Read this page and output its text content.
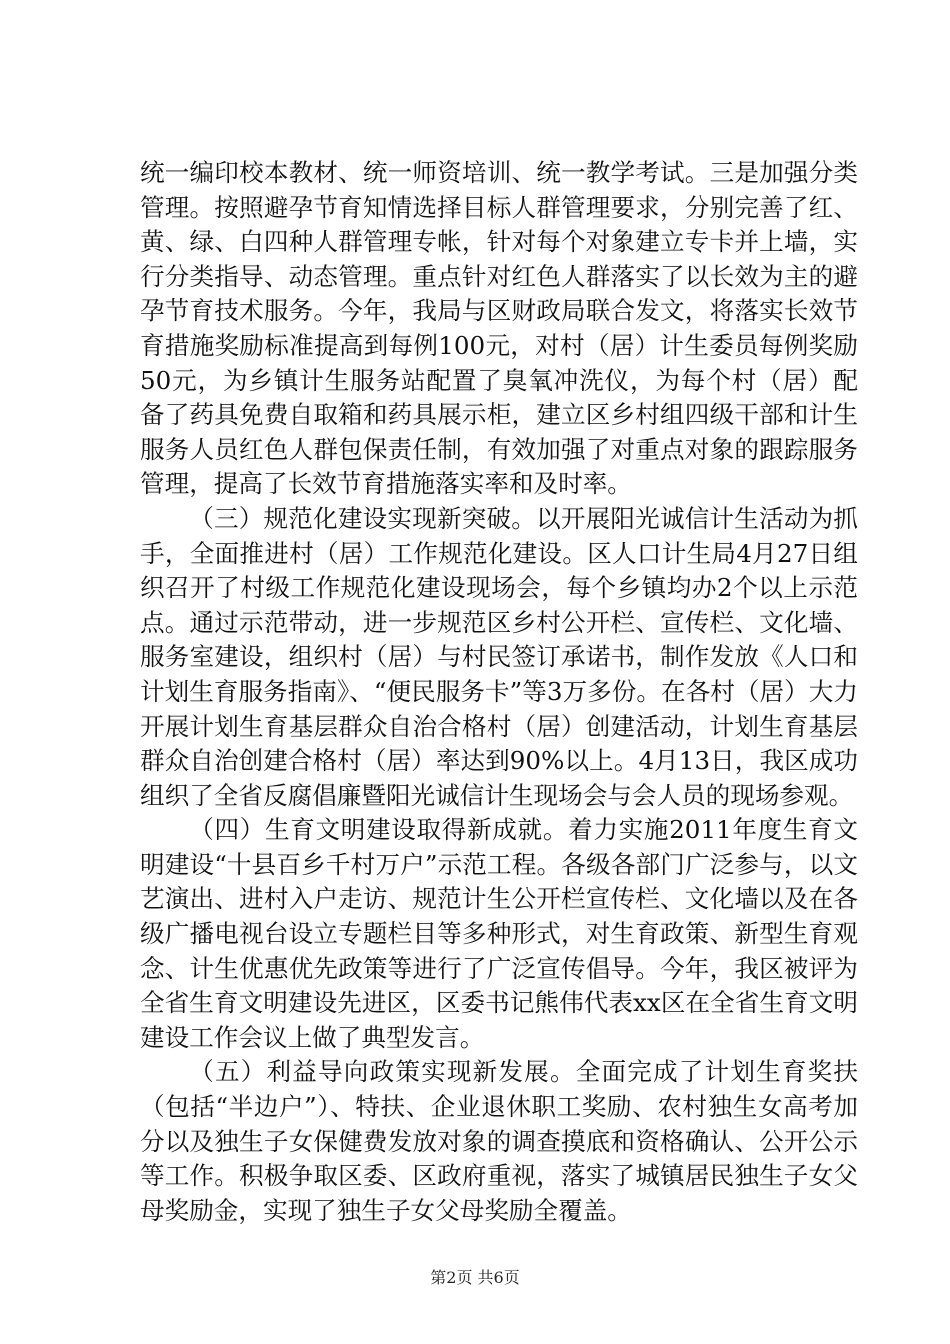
统一编印校本教材、统一师资培训、统一教学考试。三是加强分类管理。按照避孕节育知情选择目标人群管理要求，分别完善了红、黄、绿、白四种人群管理专帐，针对每个对象建立专卡并上墙，实行分类指导、动态管理。重点针对红色人群落实了以长效为主的避孕节育技术服务。今年，我局与区财政局联合发文，将落实长效节育措施奖励标准提高到每例100元，对村（居）计生委员每例奖励50元，为乡镇计生服务站配置了臭氧冲洗仪，为每个村（居）配备了药具免费自取箱和药具展示柜，建立区乡村组四级干部和计生服务人员红色人群包保责任制，有效加强了对重点对象的跟踪服务管理，提高了长效节育措施落实率和及时率。

（三）规范化建设实现新突破。以开展阳光诚信计生活动为抓手，全面推进村（居）工作规范化建设。区人口计生局4月27日组织召开了村级工作规范化建设现场会，每个乡镇均办2个以上示范点。通过示范带动，进一步规范区乡村公开栏、宣传栏、文化墙、服务室建设，组织村（居）与村民签订承诺书，制作发放《人口和计划生育服务指南》、“便民服务卡”等3万多份。在各村（居）大力开展计划生育基层群众自治合格村（居）创建活动，计划生育基层群众自治创建合格村（居）率达到90%以上。4月13日，我区成功组织了全省反腐倡廉暨阳光诚信计生现场会与会人员的现场参观。

（四）生育文明建设取得新成就。着力实施2011年度生育文明建设“十县百乡千村万户”示范工程。各级各部门广泛参与，以文艺演出、进村入户走访、规范计生公开栏宣传栏、文化墙以及在各级广播电视台设立专题栏目等多种形式，对生育政策、新型生育观念、计生优惠优先政策等进行了广泛宣传倡导。今年，我区被评为全省生育文明建设先进区，区委书记熊伟代表xx区在全省生育文明建设工作会议上做了典型发言。

（五）利益导向政策实现新发展。全面完成了计划生育奖扶（包括“半边户”）、特扶、企业退休职工奖励、农村独生女高考加分以及独生子女保健费发放对象的调查摸底和资格确认、公开公示等工作。积极争取区委、区政府重视，落实了城镇居民独生子女父母奖励金，实现了独生子女父母奖励全覆盖。

第2页 共6页
